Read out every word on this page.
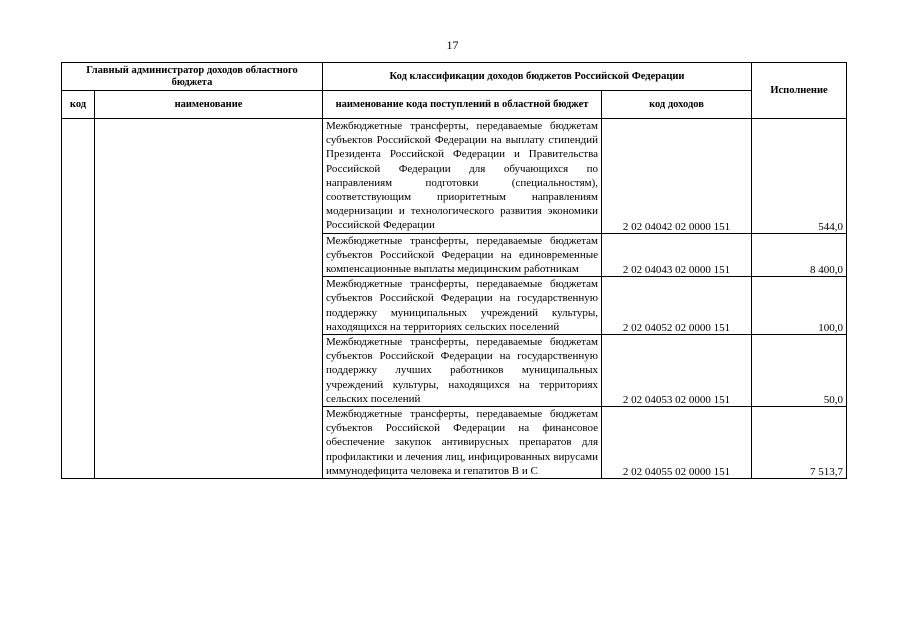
17
Главный администратор доходов областного бюджета		Код классификации доходов бюджетов Российской Федерации		Исполнение
код	наименование	наименование кода поступлений в областной бюджет	код доходов	
		Межбюджетные трансферты, передаваемые бюджетам субъектов Российской Федерации на выплату стипендий Президента Российской Федерации и Правительства Российской Федерации для обучающихся по направлениям подготовки (специальностям), соответствующим приоритетным направлениям модернизации и технологического развития экономики Российской Федерации	2 02 04042 02 0000 151	544,0
		Межбюджетные трансферты, передаваемые бюджетам субъектов Российской Федерации на единовременные компенсационные выплаты медицинским работникам	2 02 04043 02 0000 151	8 400,0
		Межбюджетные трансферты, передаваемые бюджетам субъектов Российской Федерации на государственную поддержку муниципальных учреждений культуры, находящихся на территориях сельских поселений	2 02 04052 02 0000 151	100,0
		Межбюджетные трансферты, передаваемые бюджетам субъектов Российской Федерации на государственную поддержку лучших работников муниципальных учреждений культуры, находящихся на территориях сельских поселений	2 02 04053 02 0000 151	50,0
		Межбюджетные трансферты, передаваемые бюджетам субъектов Российской Федерации на финансовое обеспечение закупок антивирусных препаратов для профилактики и лечения лиц, инфицированных вирусами иммунодефицита человека и гепатитов B и C	2 02 04055 02 0000 151	7 513,7
